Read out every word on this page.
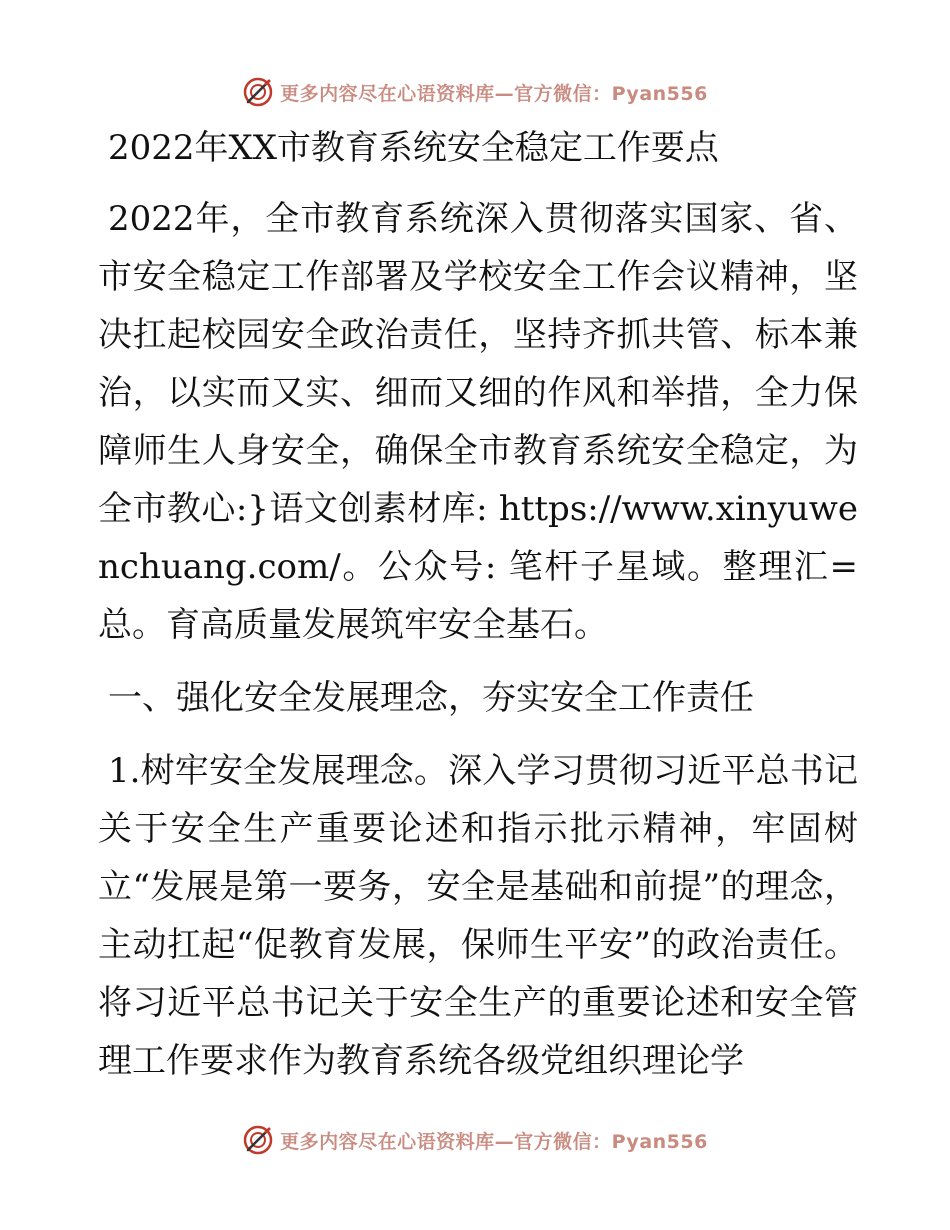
更多内容尽在心语资料库—官方微信：Pyan556
2022年XX市教育系统安全稳定工作要点

2022年，全市教育系统深入贯彻落实国家、省、市安全稳定工作部署及学校安全工作会议精神，坚决扛起校园安全政治责任，坚持齐抓共管、标本兼治，以实而又实、细而又细的作风和举措，全力保障师生人身安全，确保全市教育系统安全稳定，为全市教心:}语文创素材库: https://www.xinyuwenchuang.com/。公众号: 笔杆子星域。整理汇=总。育高质量发展筑牢安全基石。

一、强化安全发展理念，夯实安全工作责任

1.树牢安全发展理念。深入学习贯彻习近平总书记关于安全生产重要论述和指示批示精神，牢固树立“发展是第一要务，安全是基础和前提”的理念，主动扛起“促教育发展，保师生平安”的政治责任。将习近平总书记关于安全生产的重要论述和安全管理工作要求作为教育系统各级党组织理论学

更多内容尽在心语资料库—官方微信：Pyan556
